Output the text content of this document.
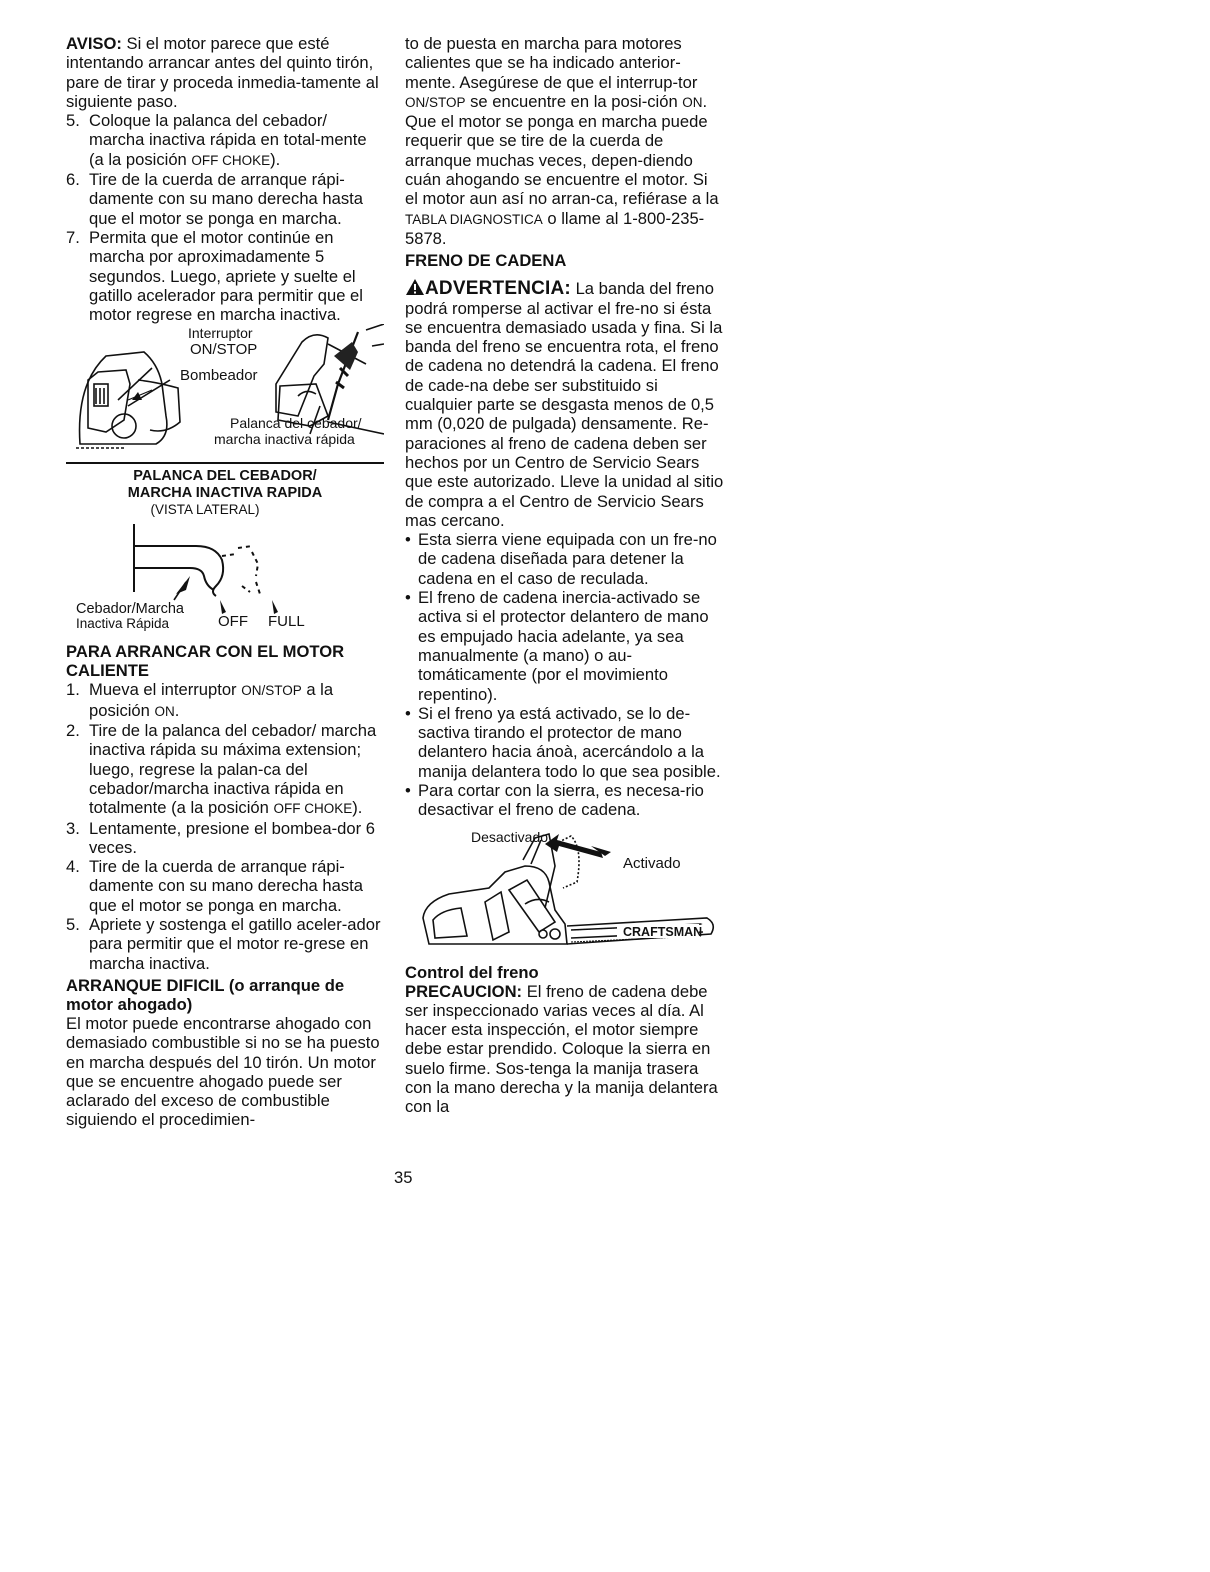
AVISO: Si el motor parece que esté intentando arrancar antes del quinto tirón, pare de tirar y proceda inmedia-tamente al siguiente paso.

5. Coloque la palanca del cebador/ marcha inactiva rápida en total-mente (a la posición OFF CHOKE).
6. Tire de la cuerda de arranque rápi-damente con su mano derecha hasta que el motor se ponga en marcha.
7. Permita que el motor continúe en marcha por aproximadamente 5 segundos. Luego, apriete y suelte el gatillo acelerador para permitir que el motor regrese en marcha inactiva.
Interruptor
ON/STOP
Bombeador
Palanca del cebador/
marcha inactiva rápida

PALANCA DEL CEBADOR/

MARCHA INACTIVA RAPIDA

(VISTA LATERAL)

Cebador/Marcha
Inactiva Rápida	OFF FULL

PARA ARRANCAR CON EL MOTOR CALIENTE

1. Mueva el interruptor ON/STOP a la posición ON.
2. Tire de la palanca del cebador/ marcha inactiva rápida su máxima extension; luego, regrese la palan-ca del cebador/marcha inactiva rápida en totalmente (a la posición OFF CHOKE).
3. Lentamente, presione el bombea-dor 6 veces.
4. Tire de la cuerda de arranque rápi-damente con su mano derecha hasta que el motor se ponga en marcha.
5. Apriete y sostenga el gatillo aceler-ador para permitir que el motor re-grese en marcha inactiva.

ARRANQUE DIFICIL (o arranque de motor ahogado)

El motor puede encontrarse ahogado con demasiado combustible si no se ha puesto en marcha después del 10 tirón. Un motor que se encuentre ahogado puede ser aclarado del exceso de combustible siguiendo el procedimien-

to de puesta en marcha para motores calientes que se ha indicado anterior-mente. Asegúrese de que el interrup-tor ON/STOP se encuentre en la posi-ción ON.

Que el motor se ponga en marcha puede requerir que se tire de la cuerda de arranque muchas veces, depen-diendo cuán ahogando se encuentre el motor. Si el motor aun así no arran-ca, refiérase a la TABLA DIAGNOSTICA o llame al 1-800-235-5878.

FRENO DE CADENA

ADVERTENCIA: La banda del freno podrá romperse al activar el fre-no si ésta se encuentra demasiado usada y fina. Si la banda del freno se encuentra rota, el freno de cadena no detendrá la cadena. El freno de cade-na debe ser substituido si cualquier parte se desgasta menos de 0,5 mm (0,020 de pulgada) densamente. Re-paraciones al freno de cadena deben ser hechos por un Centro de Servicio Sears que este autorizado. Lleve la unidad al sitio de compra a el Centro de Servicio Sears mas cercano.

• Esta sierra viene equipada con un fre-no de cadena diseñada para detener la cadena en el caso de reculada.
• El freno de cadena inercia-activado se activa si el protector delantero de mano es empujado hacia adelante, ya sea manualmente (a mano) o au-tomáticamente (por el movimiento repentino).
• Si el freno ya está activado, se lo de-sactiva tirando el protector de mano delantero hacia ánoà, acercándolo a la manija delantera todo lo que sea posible.
• Para cortar con la sierra, es necesa-rio desactivar el freno de cadena.
CRAFTSMAN
Desactivado
Activado

Control del freno

PRECAUCION: El freno de cadena debe ser inspeccionado varias veces al día. Al hacer esta inspección, el motor siempre debe estar prendido. Coloque la sierra en suelo firme. Sos-tenga la manija trasera con la mano derecha y la manija delantera con la

35
